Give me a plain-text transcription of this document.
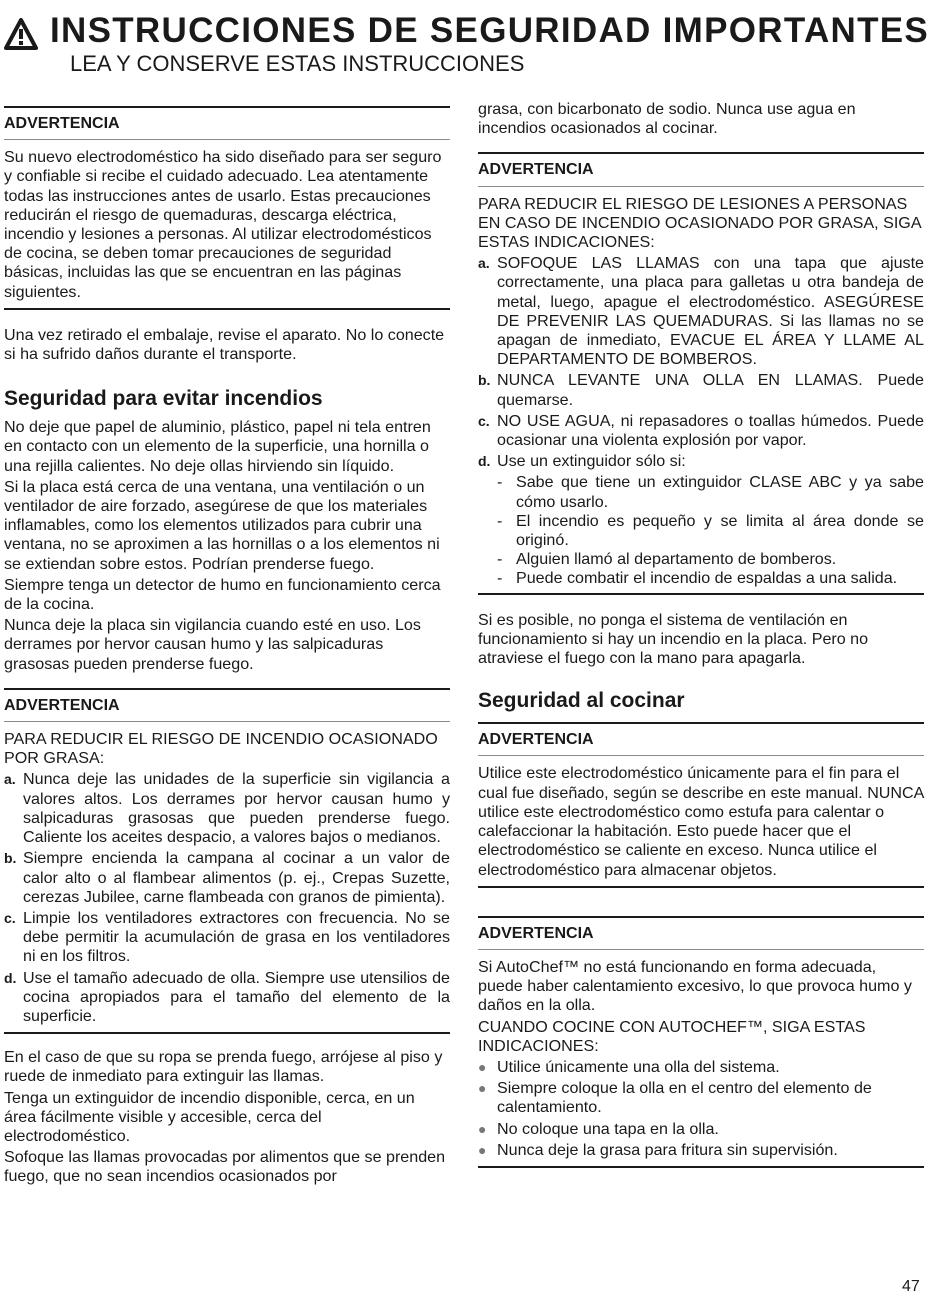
INSTRUCCIONES DE SEGURIDAD IMPORTANTES
LEA Y CONSERVE ESTAS INSTRUCCIONES
ADVERTENCIA

Su nuevo electrodoméstico ha sido diseñado para ser seguro y confiable si recibe el cuidado adecuado. Lea atentamente todas las instrucciones antes de usarlo. Estas precauciones reducirán el riesgo de quemaduras, descarga eléctrica, incendio y lesiones a personas. Al utilizar electrodomésticos de cocina, se deben tomar precauciones de seguridad básicas, incluidas las que se encuentran en las páginas siguientes.

Una vez retirado el embalaje, revise el aparato. No lo conecte si ha sufrido daños durante el transporte.

Seguridad para evitar incendios

No deje que papel de aluminio, plástico, papel ni tela entren en contacto con un elemento de la superficie, una hornilla o una rejilla calientes. No deje ollas hirviendo sin líquido.

Si la placa está cerca de una ventana, una ventilación o un ventilador de aire forzado, asegúrese de que los materiales inflamables, como los elementos utilizados para cubrir una ventana, no se aproximen a las hornillas o a los elementos ni se extiendan sobre estos. Podrían prenderse fuego.

Siempre tenga un detector de humo en funcionamiento cerca de la cocina.

Nunca deje la placa sin vigilancia cuando esté en uso. Los derrames por hervor causan humo y las salpicaduras grasosas pueden prenderse fuego.

ADVERTENCIA

PARA REDUCIR EL RIESGO DE INCENDIO OCASIONADO POR GRASA:

a. Nunca deje las unidades de la superficie sin vigilancia a valores altos. Los derrames por hervor causan humo y salpicaduras grasosas que pueden prenderse fuego. Caliente los aceites despacio, a valores bajos o medianos.
b. Siempre encienda la campana al cocinar a un valor de calor alto o al flambear alimentos (p. ej., Crepas Suzette, cerezas Jubilee, carne flambeada con granos de pimienta).
c. Limpie los ventiladores extractores con frecuencia. No se debe permitir la acumulación de grasa en los ventiladores ni en los filtros.
d. Use el tamaño adecuado de olla. Siempre use utensilios de cocina apropiados para el tamaño del elemento de la superficie.

En el caso de que su ropa se prenda fuego, arrójese al piso y ruede de inmediato para extinguir las llamas.

Tenga un extinguidor de incendio disponible, cerca, en un área fácilmente visible y accesible, cerca del electrodoméstico.

Sofoque las llamas provocadas por alimentos que se prenden fuego, que no sean incendios ocasionados por

grasa, con bicarbonato de sodio. Nunca use agua en incendios ocasionados al cocinar.

ADVERTENCIA

PARA REDUCIR EL RIESGO DE LESIONES A PERSONAS EN CASO DE INCENDIO OCASIONADO POR GRASA, SIGA ESTAS INDICACIONES:

a. SOFOQUE LAS LLAMAS con una tapa que ajuste correctamente, una placa para galletas u otra bandeja de metal, luego, apague el electrodoméstico. ASEGÚRESE DE PREVENIR LAS QUEMADURAS. Si las llamas no se apagan de inmediato, EVACUE EL ÁREA Y LLAME AL DEPARTAMENTO DE BOMBEROS.
b. NUNCA LEVANTE UNA OLLA EN LLAMAS. Puede quemarse.
c. NO USE AGUA, ni repasadores o toallas húmedos. Puede ocasionar una violenta explosión por vapor.
d. Use un extinguidor sólo si:
- Sabe que tiene un extinguidor CLASE ABC y ya sabe cómo usarlo.
- El incendio es pequeño y se limita al área donde se originó.
- Alguien llamó al departamento de bomberos.
- Puede combatir el incendio de espaldas a una salida.

Si es posible, no ponga el sistema de ventilación en funcionamiento si hay un incendio en la placa. Pero no atraviese el fuego con la mano para apagarla.

Seguridad al cocinar
ADVERTENCIA

Utilice este electrodoméstico únicamente para el fin para el cual fue diseñado, según se describe en este manual. NUNCA utilice este electrodoméstico como estufa para calentar o calefaccionar la habitación. Esto puede hacer que el electrodoméstico se caliente en exceso. Nunca utilice el electrodoméstico para almacenar objetos.

ADVERTENCIA

Si AutoChef™ no está funcionando en forma adecuada, puede haber calentamiento excesivo, lo que provoca humo y daños en la olla.

CUANDO COCINE CON AUTOCHEF™, SIGA ESTAS INDICACIONES:

● Utilice únicamente una olla del sistema.
● Siempre coloque la olla en el centro del elemento de calentamiento.
● No coloque una tapa en la olla.
● Nunca deje la grasa para fritura sin supervisión.
47
